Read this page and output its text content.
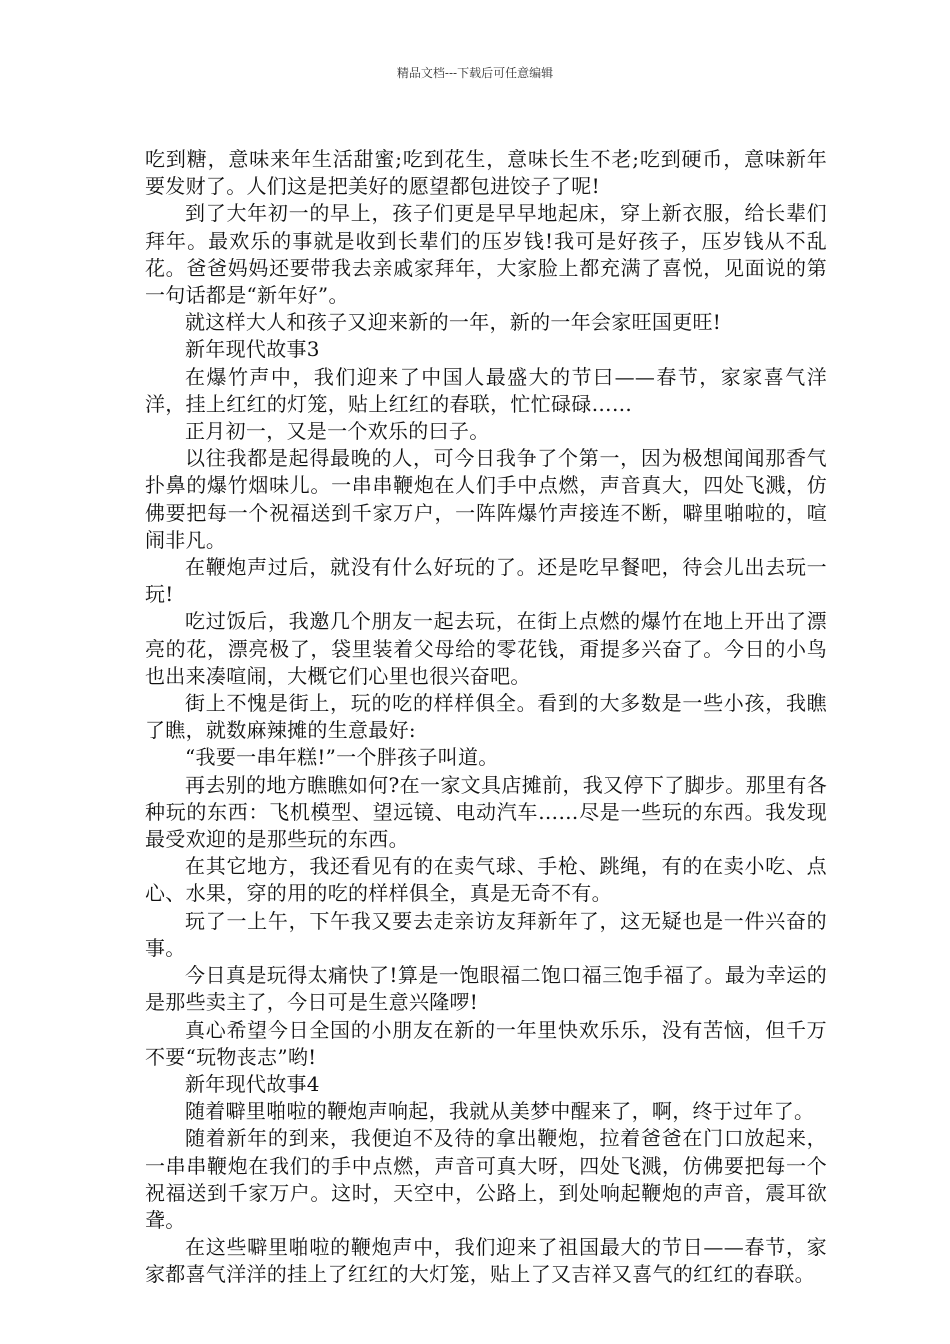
精品文档---下载后可任意编辑

吃到糖，意味来年生活甜蜜;吃到花生，意味长生不老;吃到硬币，意味新年要发财了。人们这是把美好的愿望都包进饺子了呢!

到了大年初一的早上，孩子们更是早早地起床，穿上新衣服，给长辈们拜年。最欢乐的事就是收到长辈们的压岁钱!我可是好孩子，压岁钱从不乱花。爸爸妈妈还要带我去亲戚家拜年，大家脸上都充满了喜悦，见面说的第一句话都是“新年好”。

就这样大人和孩子又迎来新的一年，新的一年会家旺国更旺!

新年现代故事3

在爆竹声中，我们迎来了中国人最盛大的节曰——春节，家家喜气洋洋，挂上红红的灯笼，贴上红红的春联，忙忙碌碌……

正月初一，又是一个欢乐的曰子。

以往我都是起得最晚的人，可今日我争了个第一，因为极想闻闻那香气扑鼻的爆竹烟味儿。一串串鞭炮在人们手中点燃，声音真大，四处飞溅，仿佛要把每一个祝福送到千家万户，一阵阵爆竹声接连不断，噼里啪啦的，喧闹非凡。

在鞭炮声过后，就没有什么好玩的了。还是吃早餐吧，待会儿出去玩一玩!

吃过饭后，我邀几个朋友一起去玩，在街上点燃的爆竹在地上开出了漂亮的花，漂亮极了，袋里装着父母给的零花钱，甭提多兴奋了。今日的小鸟也出来凑喧闹，大概它们心里也很兴奋吧。

街上不愧是街上，玩的吃的样样俱全。看到的大多数是一些小孩，我瞧了瞧，就数麻辣摊的生意最好:

“我要一串年糕!”一个胖孩子叫道。

再去别的地方瞧瞧如何?在一家文具店摊前，我又停下了脚步。那里有各种玩的东西：飞机模型、望远镜、电动汽车……尽是一些玩的东西。我发现最受欢迎的是那些玩的东西。

在其它地方，我还看见有的在卖气球、手枪、跳绳，有的在卖小吃、点心、水果，穿的用的吃的样样俱全，真是无奇不有。

玩了一上午，下午我又要去走亲访友拜新年了，这无疑也是一件兴奋的事。

今日真是玩得太痛快了!算是一饱眼福二饱口福三饱手福了。最为幸运的是那些卖主了，今日可是生意兴隆啰!

真心希望今日全国的小朋友在新的一年里快欢乐乐，没有苦恼，但千万不要“玩物丧志”哟!

新年现代故事4

随着噼里啪啦的鞭炮声响起，我就从美梦中醒来了，啊，终于过年了。

随着新年的到来，我便迫不及待的拿出鞭炮，拉着爸爸在门口放起来，一串串鞭炮在我们的手中点燃，声音可真大呀，四处飞溅，仿佛要把每一个祝福送到千家万户。这时，天空中，公路上，到处响起鞭炮的声音，震耳欲聋。

在这些噼里啪啦的鞭炮声中，我们迎来了祖国最大的节日——春节，家家都喜气洋洋的挂上了红红的大灯笼，贴上了又吉祥又喜气的红红的春联。
